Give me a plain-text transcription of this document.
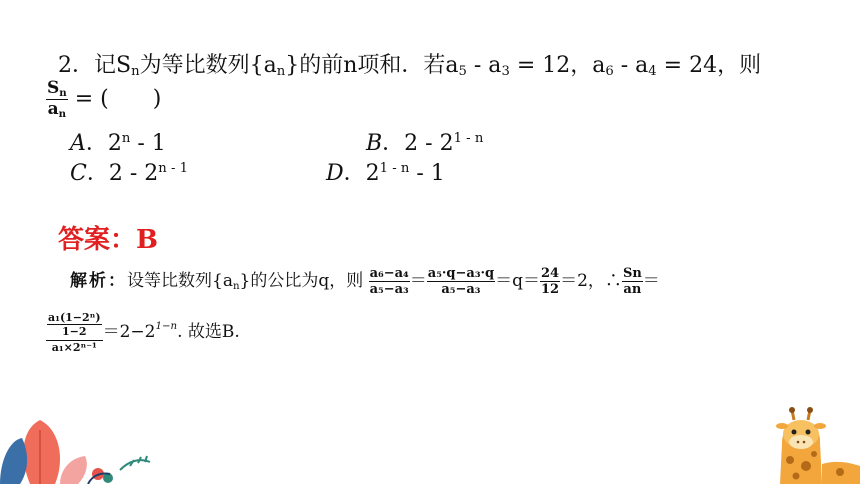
2．记$S_n$为等比数列$\{a_n\}$的前n项和．若$a_5 - a_3 = 12$，$a_6 - a_4 = 24$，则
$\frac{S_n}{a_n}$ = (　　)
A．2$^n$ - 1	B．2 - 2$^{1 - n}$
C．2 - 2$^{n - 1}$	D．2$^{1 - n}$ - 1
答案：B
解析：设等比数列$\{a_n\}$的公比为q，则 $\frac{\text{a₆−a₄}}{\text{a₅−a₃}} = \frac{\text{a₅·q−a₃·q}}{\text{a₅−a₃}} =q= \frac{24}{12} =2$，∴ $\frac{Sn}{an}$ ＝
$\frac{\frac{\text{a₁(1−2ⁿ)}}{1-2}}{\text{a₁×2ⁿ⁻¹}} =2-2^{1-n}$. 故选B.
